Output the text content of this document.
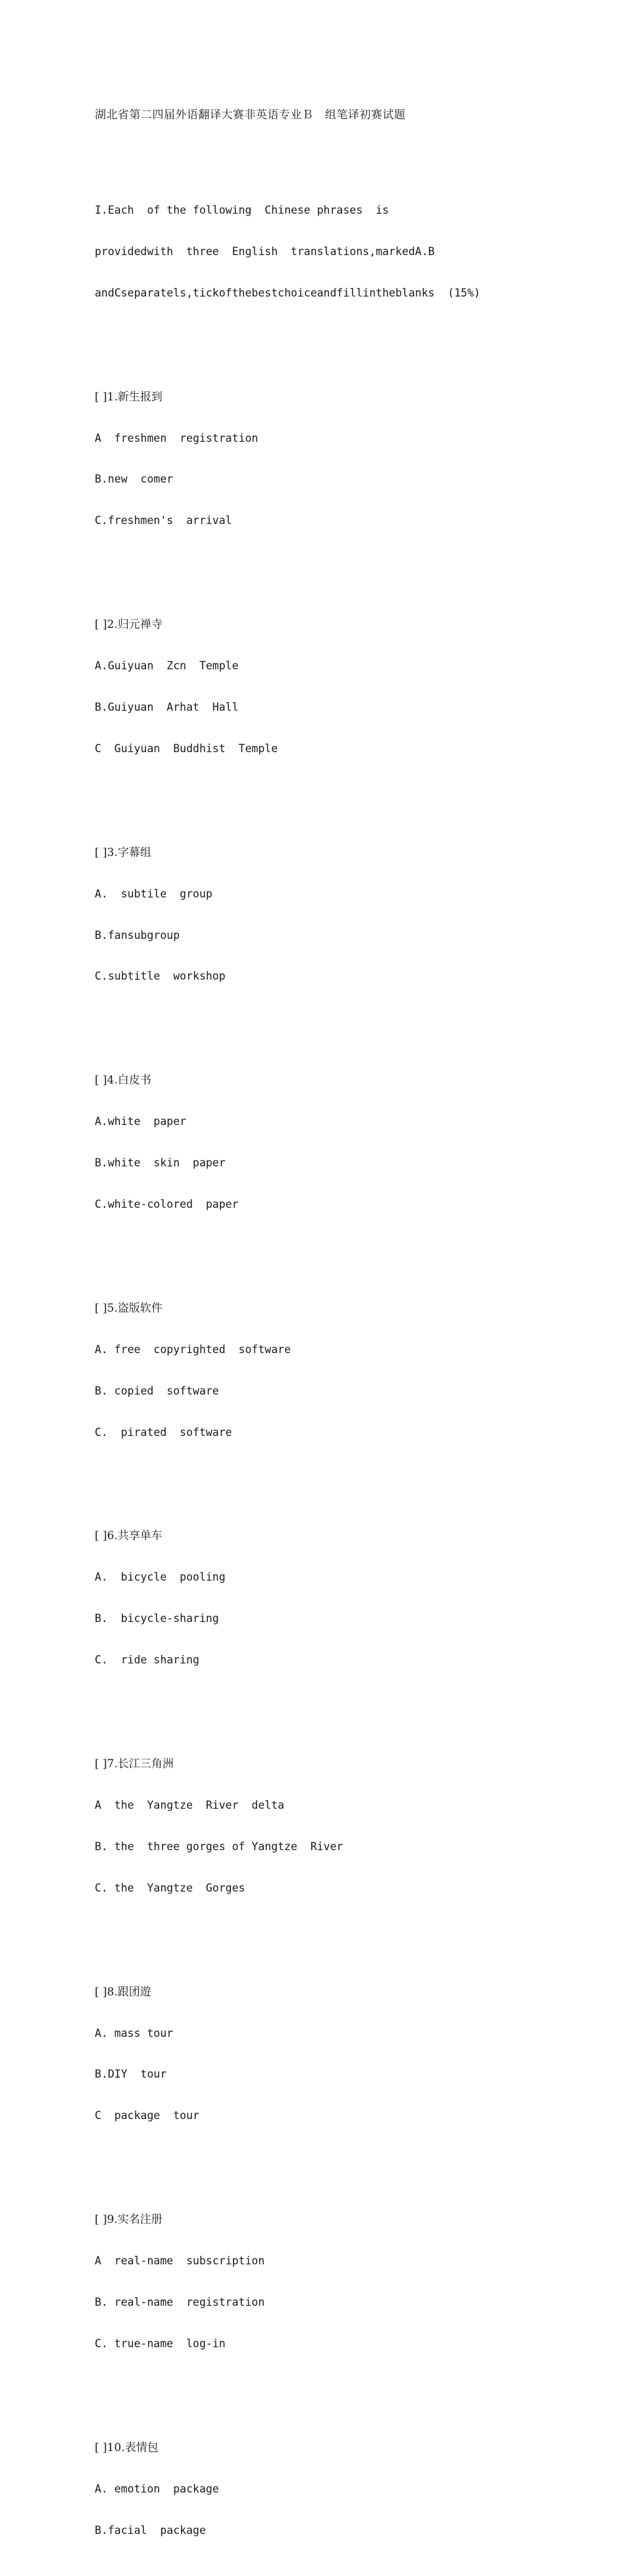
湖北省第二四届外语翻译大赛非英语专业Ｂ　组笔译初赛试题

I.Each  of the following  Chinese phrases  is

providedwith  three  English  translations,markedA.B

andCseparatels,tickofthebestchoiceandfillintheblanks  (15%)

[ ]1.新生报到

A  freshmen  registration

B.new  comer

C.freshmen's  arrival

[ ]2.归元禅寺

A.Guiyuan  Zcn  Temple

B.Guiyuan  Arhat  Hall

C  Guiyuan  Buddhist  Temple

[ ]3.字幕组

A.  subtile  group

B.fansubgroup

C.subtitle  workshop

[ ]4.白皮书

A.white  paper

B.white  skin  paper

C.white-colored  paper

[ ]5.盗版软件

A. free  copyrighted  software

B. copied  software

C.  pirated  software

[ ]6.共享单车

A.  bicycle  pooling

B.  bicycle-sharing

C.  ride sharing

[ ]7.长江三角洲

A  the  Yangtze  River  delta

B. the  three gorges of Yangtze  River

C. the  Yangtze  Gorges

[ ]8.跟团遊

A. mass tour

B.DIY  tour

C  package  tour

[ ]9.实名注册

A  real-name  subscription

B. real-name  registration

C. true-name  log-in

[ ]10.表情包

A. emotion  package

B.facial  package
